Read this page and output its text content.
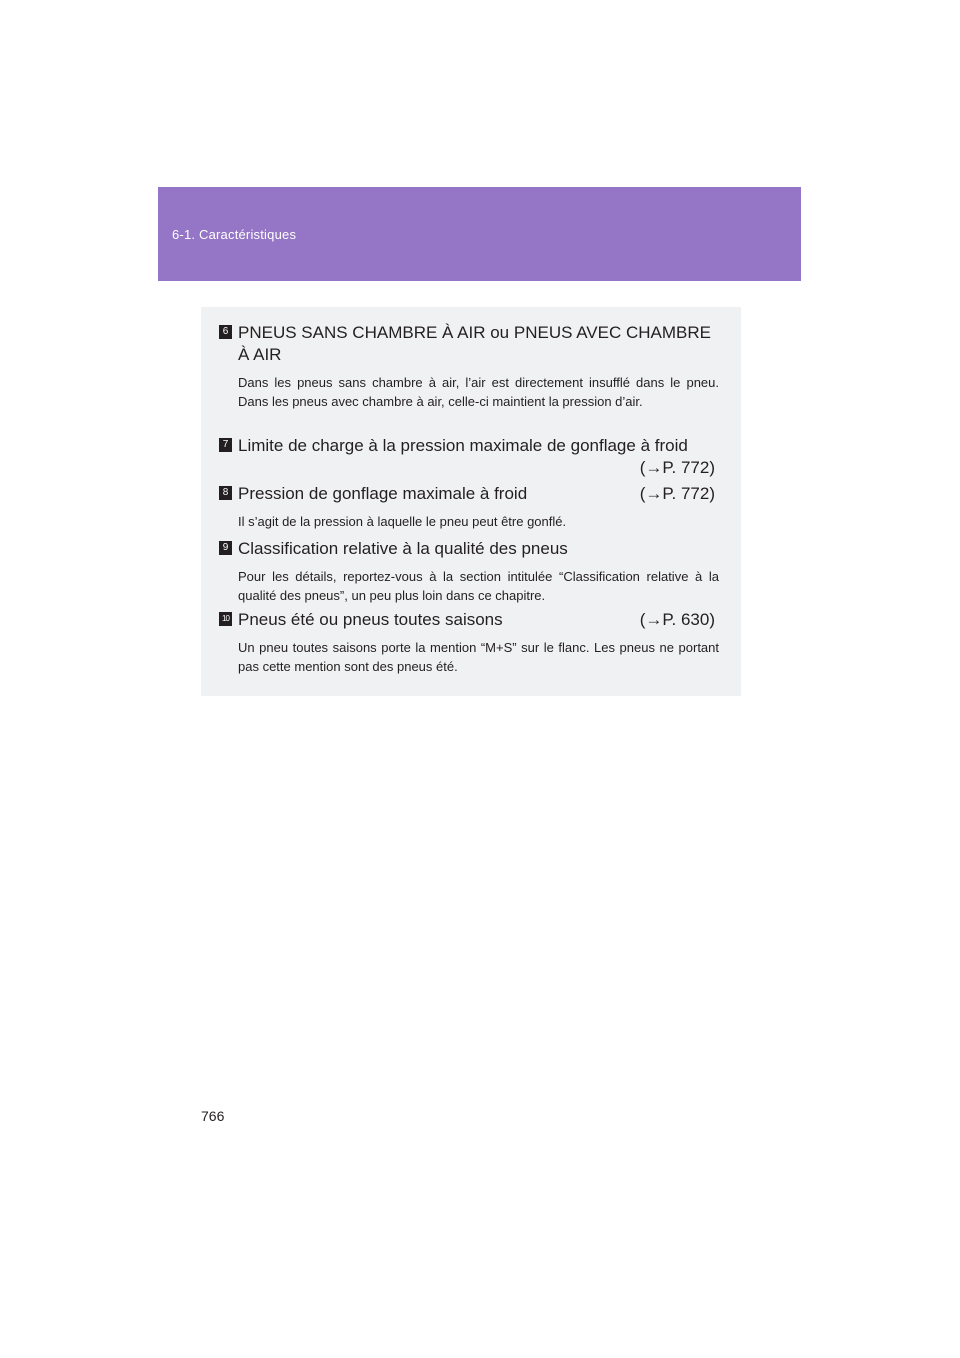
6-1. Caractéristiques
6 PNEUS SANS CHAMBRE À AIR ou PNEUS AVEC CHAMBRE À AIR
Dans les pneus sans chambre à air, l’air est directement insufflé dans le pneu. Dans les pneus avec chambre à air, celle-ci maintient la pression d’air.
7 Limite de charge à la pression maximale de gonflage à froid
(→P. 772)
8 Pression de gonflage maximale à froid	(→P. 772)
Il s’agit de la pression à laquelle le pneu peut être gonflé.
9 Classification relative à la qualité des pneus
Pour les détails, reportez-vous à la section intitulée “Classification relative à la qualité des pneus”, un peu plus loin dans ce chapitre.
10 Pneus été ou pneus toutes saisons	(→P. 630)
Un pneu toutes saisons porte la mention “M+S” sur le flanc. Les pneus ne portant pas cette mention sont des pneus été.
766
